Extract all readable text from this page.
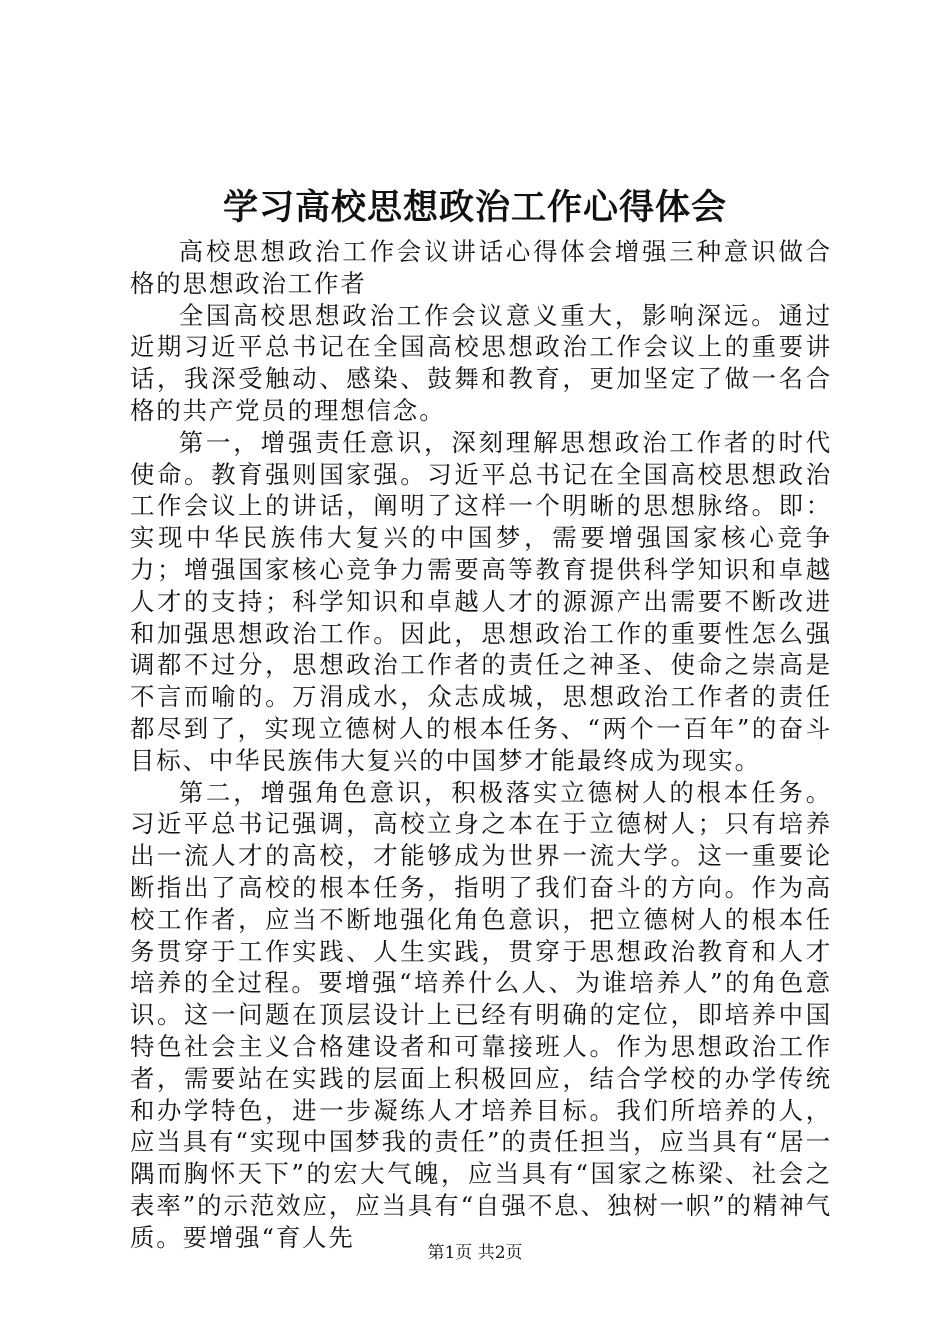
学习高校思想政治工作心得体会

高校思想政治工作会议讲话心得体会增强三种意识做合格的思想政治工作者

全国高校思想政治工作会议意义重大，影响深远。通过近期习近平总书记在全国高校思想政治工作会议上的重要讲话，我深受触动、感染、鼓舞和教育，更加坚定了做一名合格的共产党员的理想信念。

第一，增强责任意识，深刻理解思想政治工作者的时代使命。教育强则国家强。习近平总书记在全国高校思想政治工作会议上的讲话，阐明了这样一个明晰的思想脉络。即：实现中华民族伟大复兴的中国梦，需要增强国家核心竞争力；增强国家核心竞争力需要高等教育提供科学知识和卓越人才的支持；科学知识和卓越人才的源源产出需要不断改进和加强思想政治工作。因此，思想政治工作的重要性怎么强调都不过分，思想政治工作者的责任之神圣、使命之崇高是不言而喻的。万涓成水，众志成城，思想政治工作者的责任都尽到了，实现立德树人的根本任务、“两个一百年”的奋斗目标、中华民族伟大复兴的中国梦才能最终成为现实。

第二，增强角色意识，积极落实立德树人的根本任务。习近平总书记强调，高校立身之本在于立德树人；只有培养出一流人才的高校，才能够成为世界一流大学。这一重要论断指出了高校的根本任务，指明了我们奋斗的方向。作为高校工作者，应当不断地强化角色意识，把立德树人的根本任务贯穿于工作实践、人生实践，贯穿于思想政治教育和人才培养的全过程。要增强“培养什么人、为谁培养人”的角色意识。这一问题在顶层设计上已经有明确的定位，即培养中国特色社会主义合格建设者和可靠接班人。作为思想政治工作者，需要站在实践的层面上积极回应，结合学校的办学传统和办学特色，进一步凝练人才培养目标。我们所培养的人，应当具有“实现中国梦我的责任”的责任担当，应当具有“居一隅而胸怀天下”的宏大气魄，应当具有“国家之栋梁、社会之表率”的示范效应，应当具有“自强不息、独树一帜”的精神气质。要增强“育人先

第1页 共2页
